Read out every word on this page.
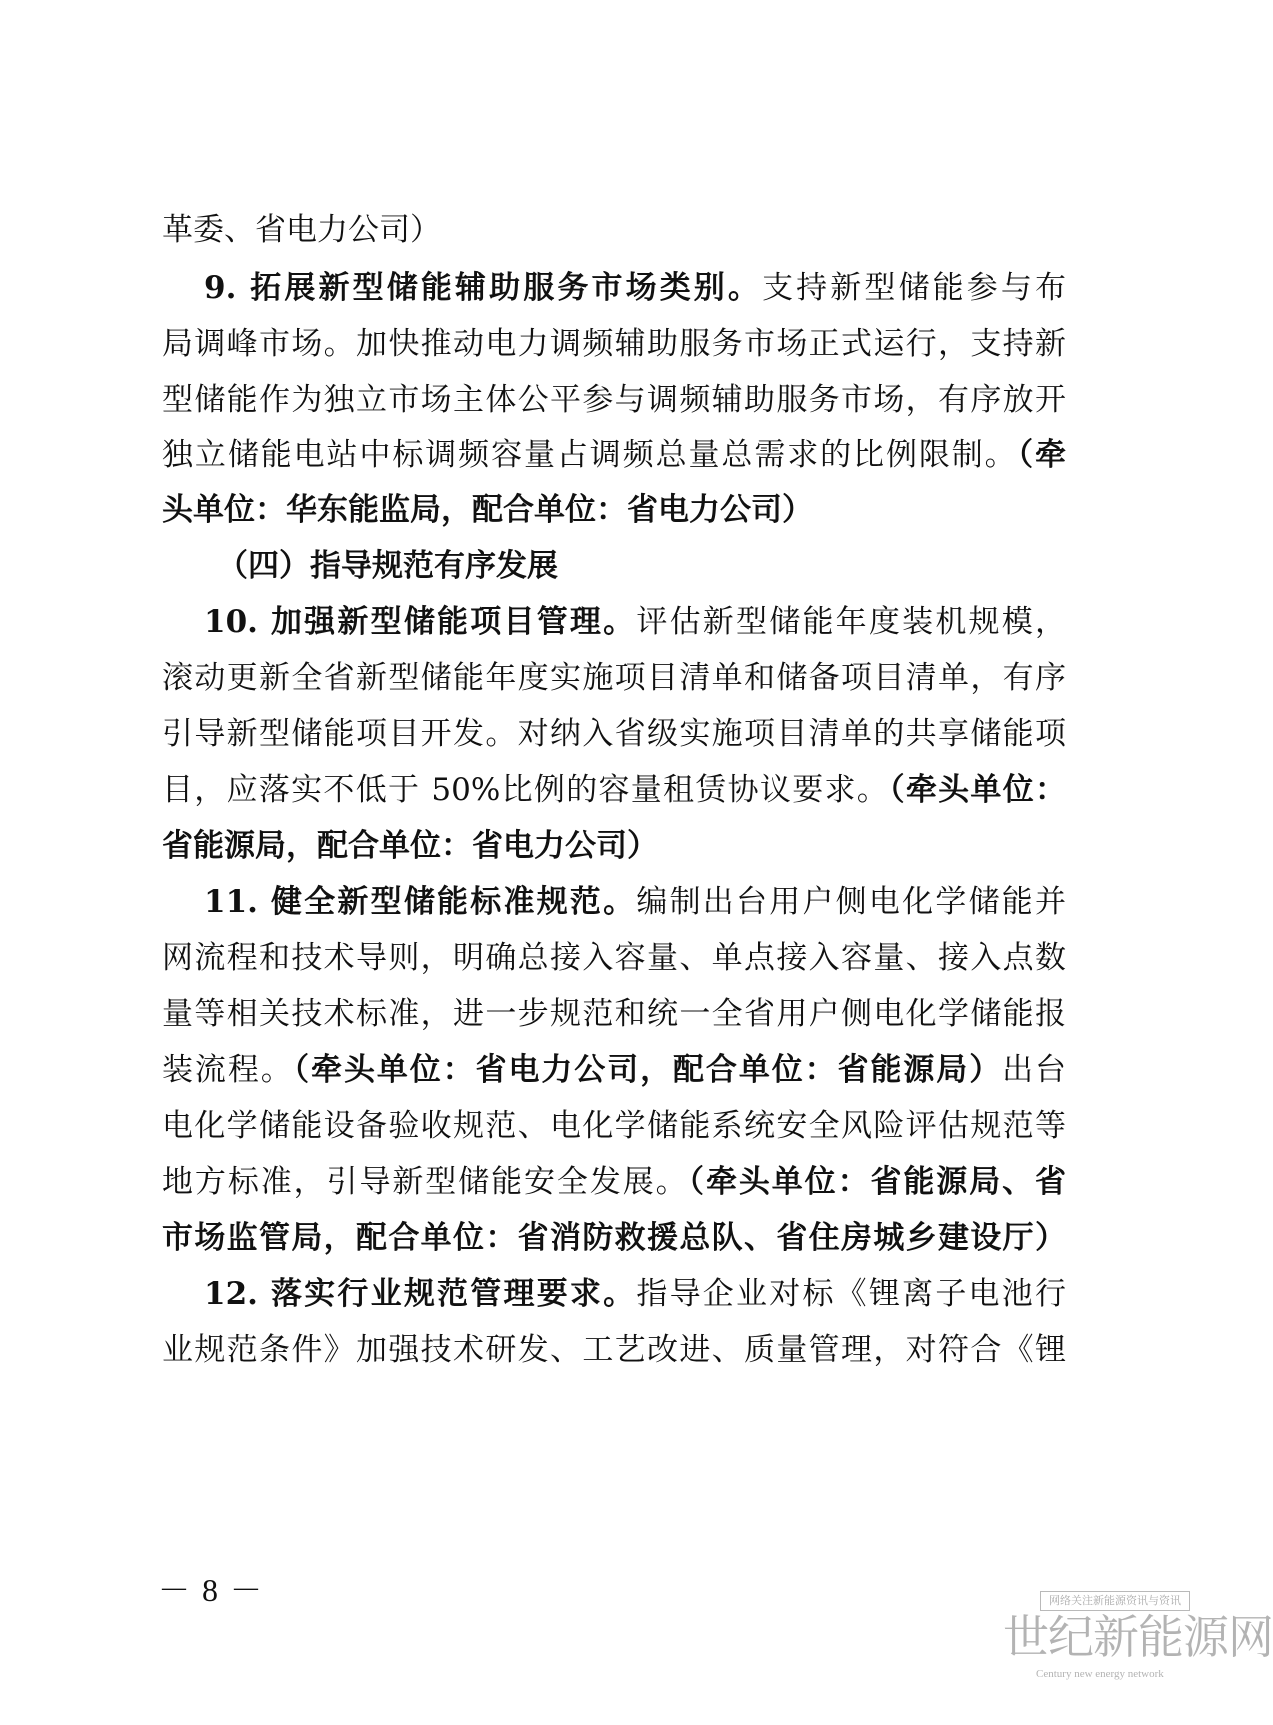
革委、省电力公司）
9. 拓展新型储能辅助服务市场类别。支持新型储能参与布
局调峰市场。加快推动电力调频辅助服务市场正式运行，支持新
型储能作为独立市场主体公平参与调频辅助服务市场，有序放开
独立储能电站中标调频容量占调频总量总需求的比例限制。（牵
头单位：华东能监局，配合单位：省电力公司）
（四）指导规范有序发展
10. 加强新型储能项目管理。评估新型储能年度装机规模，
滚动更新全省新型储能年度实施项目清单和储备项目清单，有序
引导新型储能项目开发。对纳入省级实施项目清单的共享储能项
目，应落实不低于 50%比例的容量租赁协议要求。（牵头单位：
省能源局，配合单位：省电力公司）
11. 健全新型储能标准规范。编制出台用户侧电化学储能并
网流程和技术导则，明确总接入容量、单点接入容量、接入点数
量等相关技术标准，进一步规范和统一全省用户侧电化学储能报
装流程。（牵头单位：省电力公司，配合单位：省能源局）出台
电化学储能设备验收规范、电化学储能系统安全风险评估规范等
地方标准，引导新型储能安全发展。（牵头单位：省能源局、省
市场监管局，配合单位：省消防救援总队、省住房城乡建设厅）
12. 落实行业规范管理要求。指导企业对标《锂离子电池行
业规范条件》加强技术研发、工艺改进、质量管理，对符合《锂
－ 8 －	网络关注新能源资讯与资讯
世纪新能源网
Century new energy network
